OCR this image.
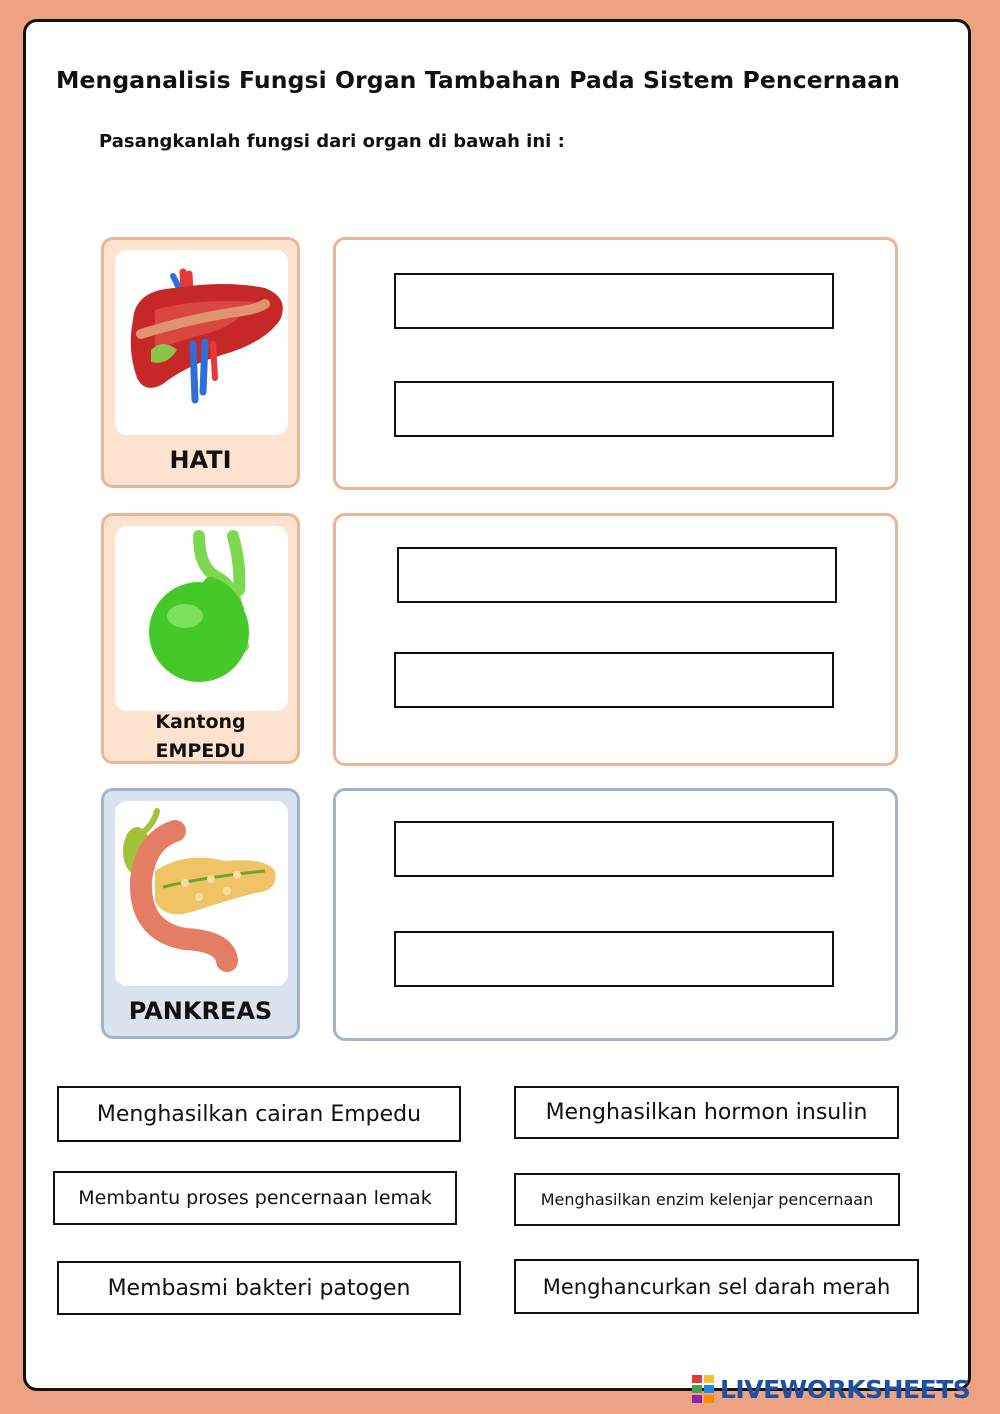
Menganalisis Fungsi Organ Tambahan Pada Sistem Pencernaan
Pasangkanlah fungsi dari organ di bawah ini :
HATI
Kantong
EMPEDU
PANKREAS
Menghasilkan cairan Empedu	Menghasilkan hormon insulin
Membantu proses pencernaan lemak	Menghasilkan enzim kelenjar pencernaan
Membasmi bakteri patogen	Menghancurkan sel darah merah
LIVEWORKSHEETS
